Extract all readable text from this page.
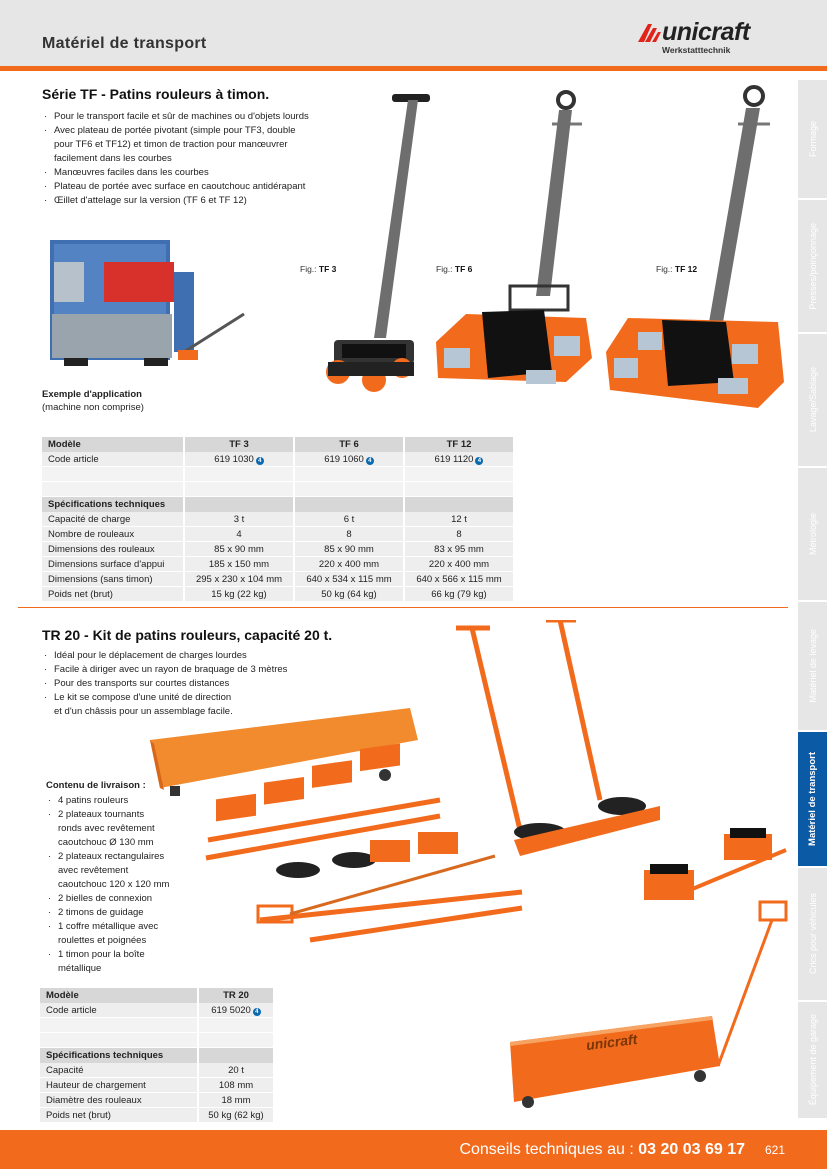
Matériel de transport	unicraft
Werkstatttechnik
Formage
Presses/poinçonnage
Lavage/Sablage
Métrologie
Matériel de levage
Matériel de transport
Crics pour véhicules
Équipement de garage
Série TF - Patins rouleurs à timon.
· Pour le transport facile et sûr de machines ou d'objets lourds
· Avec plateau de portée pivotant (simple pour TF3, double
pour TF6 et TF12) et timon de traction pour manœuvrer
facilement dans les courbes
· Manœuvres faciles dans les courbes
· Plateau de portée avec surface en caoutchouc antidérapant
· Œillet d'attelage sur la version (TF 6 et TF 12)
Exemple d'application
(machine non comprise)
Fig.: TF 3	Fig.: TF 6	Fig.: TF 12
Modèle	TF 3	TF 6	TF 12
Code article	619 1030 4	619 1060 4	619 1120 4

Spécifications techniques			
Capacité de charge	3 t	6 t	12 t
Nombre de rouleaux	4	8	8
Dimensions des rouleaux	85 x 90 mm	85 x 90 mm	83 x 95 mm
Dimensions surface d'appui	185 x 150 mm	220 x 400 mm	220 x 400 mm
Dimensions (sans timon)	295 x 230 x 104 mm	640 x 534 x 115 mm	640 x 566 x 115 mm
Poids net (brut)	15 kg (22 kg)	50 kg (64 kg)	66 kg (79 kg)
TR 20 - Kit de patins rouleurs, capacité 20 t.
· Idéal pour le déplacement de charges lourdes
· Facile à diriger avec un rayon de braquage de 3 mètres
· Pour des transports sur courtes distances
· Le kit se compose d'une unité de direction
et d'un châssis pour un assemblage facile.
unicraft
Contenu de livraison :
· 4 patins rouleurs
· 2 plateaux tournants
ronds avec revêtement
caoutchouc Ø 130 mm
· 2 plateaux rectangulaires
avec revêtement
caoutchouc 120 x 120 mm
· 2 bielles de connexion
· 2 timons de guidage
· 1 coffre métallique avec
roulettes et poignées
· 1 timon pour la boîte
métallique
Modèle	TR 20
Code article	619 5020 4

Spécifications techniques	
Capacité	20 t
Hauteur de chargement	108 mm
Diamètre des rouleaux	18 mm
Poids net (brut)	50 kg (62 kg)
Conseils techniques au : 03 20 03 69 17 621
